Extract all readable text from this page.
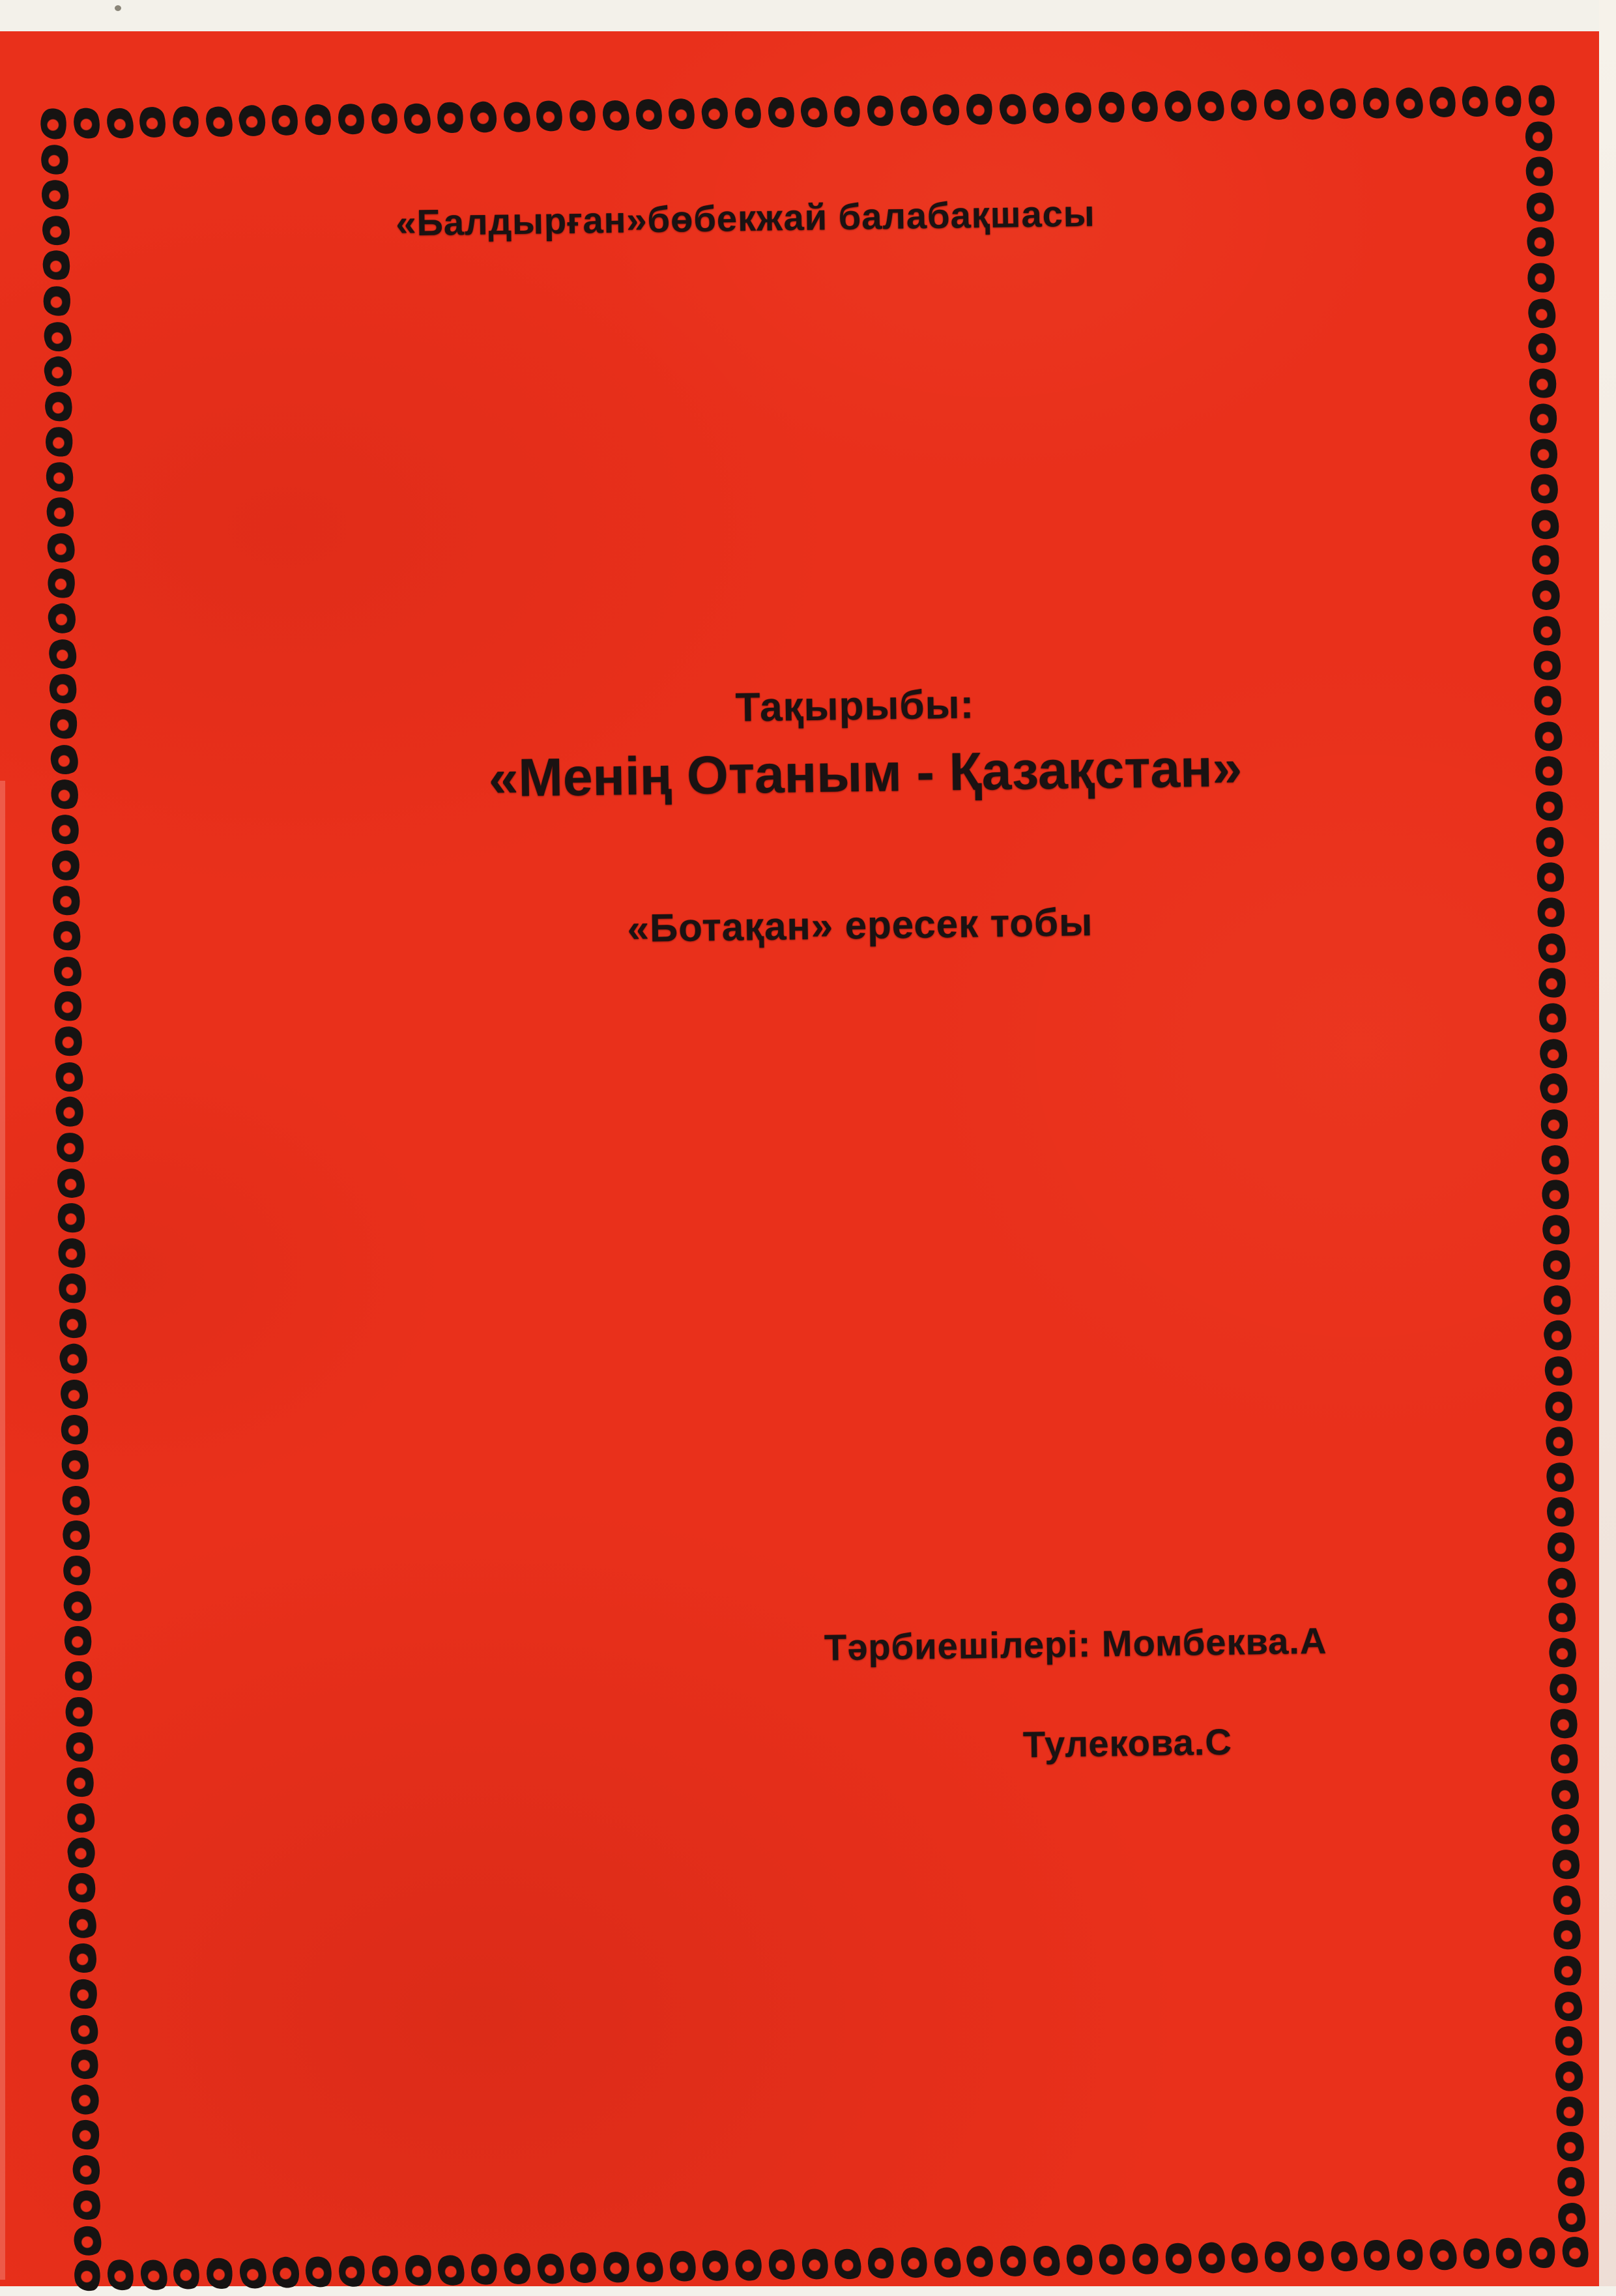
«Балдырған»бөбекжай балабақшасы
Тақырыбы:
«Менің Отаным - Қазақстан»
«Ботақан» ересек тобы
Тәрбиешілері: Момбеква.А
Тулекова.С
